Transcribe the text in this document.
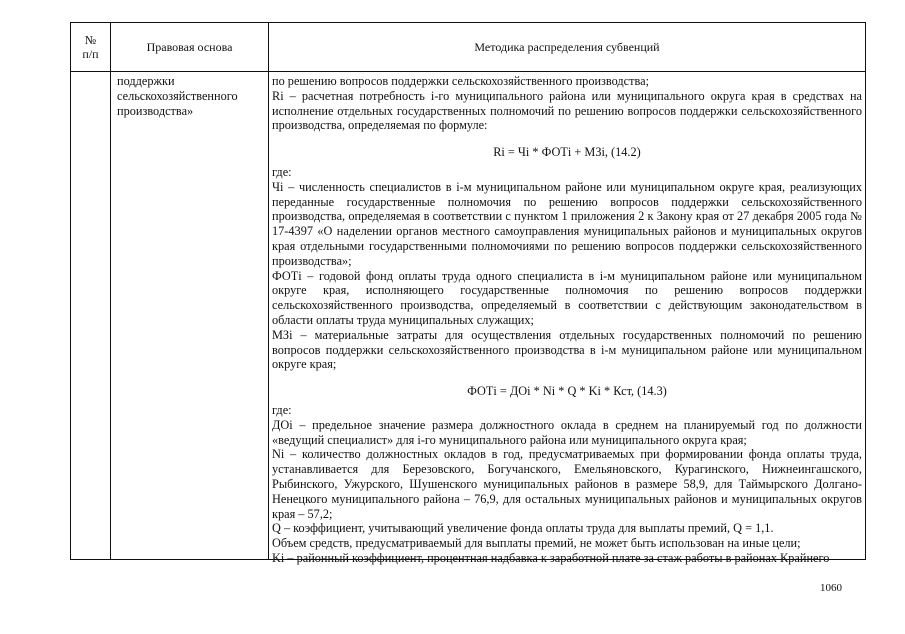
№ п/п	Правовая основа	Методика распределения субвенций
поддержки сельскохозяйственного производства»

по решению вопросов поддержки сельскохозяйственного производства;

Ri – расчетная потребность i-го муниципального района или муниципального округа края в средствах на исполнение отдельных государственных полномочий по решению вопросов поддержки сельскохозяйственного производства, определяемая по формуле:

Ri = Чi * ФОТi + МЗi, (14.2)

где:

Чi – численность специалистов в i-м муниципальном районе или муниципальном округе края, реализующих переданные государственные полномочия по решению вопросов поддержки сельскохозяйственного производства, определяемая в соответствии с пунктом 1 приложения 2 к Закону края от 27 декабря 2005 года № 17-4397 «О наделении органов местного самоуправления муниципальных районов и муниципальных округов края отдельными государственными полномочиями по решению вопросов поддержки сельскохозяйственного производства»;

ФОТi – годовой фонд оплаты труда одного специалиста в i-м муниципальном районе или муниципальном округе края, исполняющего государственные полномочия по решению вопросов поддержки сельскохозяйственного производства, определяемый в соответствии с действующим законодательством в области оплаты труда муниципальных служащих;

МЗi – материальные затраты для осуществления отдельных государственных полномочий по решению вопросов поддержки сельскохозяйственного производства в i-м муниципальном районе или муниципальном округе края;

ФОТi = ДОi * Ni * Q * Ki * Кст, (14.3)

где:

ДОi – предельное значение размера должностного оклада в среднем на планируемый год по должности «ведущий специалист» для i-го муниципального района или муниципального округа края;

Ni – количество должностных окладов в год, предусматриваемых при формировании фонда оплаты труда, устанавливается для Березовского, Богучанского, Емельяновского, Курагинского, Нижнеингашского, Рыбинского, Ужурского, Шушенского муниципальных районов в размере 58,9, для Таймырского Долгано-Ненецкого муниципального района – 76,9, для остальных муниципальных районов и муниципальных округов края – 57,2;

Q – коэффициент, учитывающий увеличение фонда оплаты труда для выплаты премий, Q = 1,1.

Объем средств, предусматриваемый для выплаты премий, не может быть использован на иные цели;

Ki – районный коэффициент, процентная надбавка к заработной плате за стаж работы в районах Крайнего

1060
